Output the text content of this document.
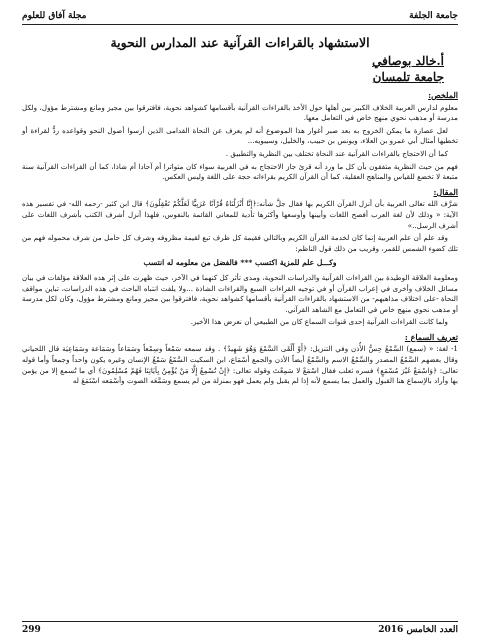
جامعة الجلفة
مجلة آفاق للعلوم
الاستشهاد بالقراءات القرآنية عند المدارس النحوية
أ.خالد بوصافي
جامعة تلمسان
الملخص:

معلوم لدارس العربية الخلاف الكبير بين أهلها حول الأخذ بالقراءات القرآنية بأقسامها كشواهد نحوية، فافترقوا بين مجيز ومانع ومشترط مؤول، ولكل مدرسة أو مذهب نحوي منهج خاص في التعامل معها.

لعل عصارة ما يمكن الخروج به بعد صبر أغوار هذا الموضوع أنه لم يعرف عن النحاة القدامى الذين أرسوا أصول النحو وقواعده ردٌّ لقراءة أو تخطيها أمثال أبي عمرو بن العلاء، ويونس بن حبيب، والخليل، وسيبويه...

كما أن الاحتجاج بالقراءات القرآنية عند النحاة تختلف بين النظرية والتطبيق .

فهم من حيث النظرية متفقون بأن كل ما ورد أنه قرئ جاز الاحتجاج به في العربية سواء كان متواترا أم آحادا أم شاذا، كما أن القراءات القرآنية سنة متبعة لا تخضع للقياس والمناهج العقلية، كما أن القرآن الكريم بقراءاته حجة على اللغة وليس العكس.

المقال:

شرَّف الله تعالى العربية بأن أنزل القرآن الكريم بها فقال جلَّ شأنه:﴿إِنَّا أَنْزَلْنَاهُ قُرْآنًا عَرَبِيًّا لَعَلَّكُمْ تَعْقِلُونَ﴾ قال ابن كثير -رحمه الله- في تفسير هذه الآية: « وذلك لأن لغة العرب أفصح اللغات وأبينها وأوسعها وأكثرها تأدية للمعاني القائمة بالنفوس، فلهذا أنزل أشرف الكتب بأشرف اللغات على أشرف الرسل..»

وقد علم أن علم العربية إنما كان لخدمة القرآن الكريم وبالتالي فقيمة كل ظرف تبع لقيمة مظروفه وشرف كل حامل من شرف محموله فهم من تلك كضوء الشمس للقمر، وقريب من ذلك قول الناظم:

وكـــل علم للمزية اكتسب *** فالفضل من معلومه له انتسب

ومعلومة العلاقة الوطيدة بين القراءات القرآنية والدراسات النحوية، ومدى تأثر كل كنهما في الآخر، حيث ظهرت على إثر هذه العلاقة مؤلفات في بيان مسائل الخلاف وأخرى في إعراب القرآن أو في توجيه القراءات السبع والقراءات الشاذة ...ولا يلفت انتباه الباحث في هذه الدراسات، تباين مواقف النحاة -على اختلاف مذاهبهم- من الاستشهاد بالقراءات القرآنية بأقسامها كشواهد نحوية، فافترقوا بين مجيز ومانع ومشترط مؤول، وكان لكل مدرسة أو مذهب نحوي منهج خاص في التعامل مع الشاهد القرآني.

ولما كانت القراءات القرآنية إحدى قنوات السماع كان من الطبيعي أن نعرض هذا الأخير.

تعريف السماع :

1- لغة: « (سمع) السَّمْعُ حِسُّ الأُذن وفي التنزيل: ﴿أَوْ أَلْقَى السَّمْعَ وَهُوَ شَهِيدٌ﴾ . وقد سمعه سَمْعاً وسِمْعاً وسَمَاعاً وسَمَاعة وسَمَاعِيَة قال اللحياني وقال بعضهم السَّمْعُ المصدر والسِّمْعُ الاسم والسَّمْعُ أيضاً الأذن والجمع أسْمَاع، ابن السكيت السَّمْعُ سَمْعُ الإنسان وغيره يكون واحداً وجمعاً وأما قوله تعالى: ﴿وَاسْمَعْ غَيْرَ مُسْمَعٍ﴾ فسره ثعلب فقال اسْمَعْ لا سَمِعْتَ وقوله تعالى: ﴿إِنْ تُسْمِعُ إِلَّا مَنْ يُؤْمِنُ بِآيَاتِنَا فَهُمْ مُسْلِمُونَ﴾ أي ما تُسمع إلا من يؤمن بها وأراد بالإسماع هنا القبول والعمل بما يسمع لأنه إذا لم يقبل ولم يعمل فهو بمنزلة من لم يسمع وسَمَّعَه الصوت وأسْمَعه اسْتَمَعَ له

العدد الخامس 2016
299
